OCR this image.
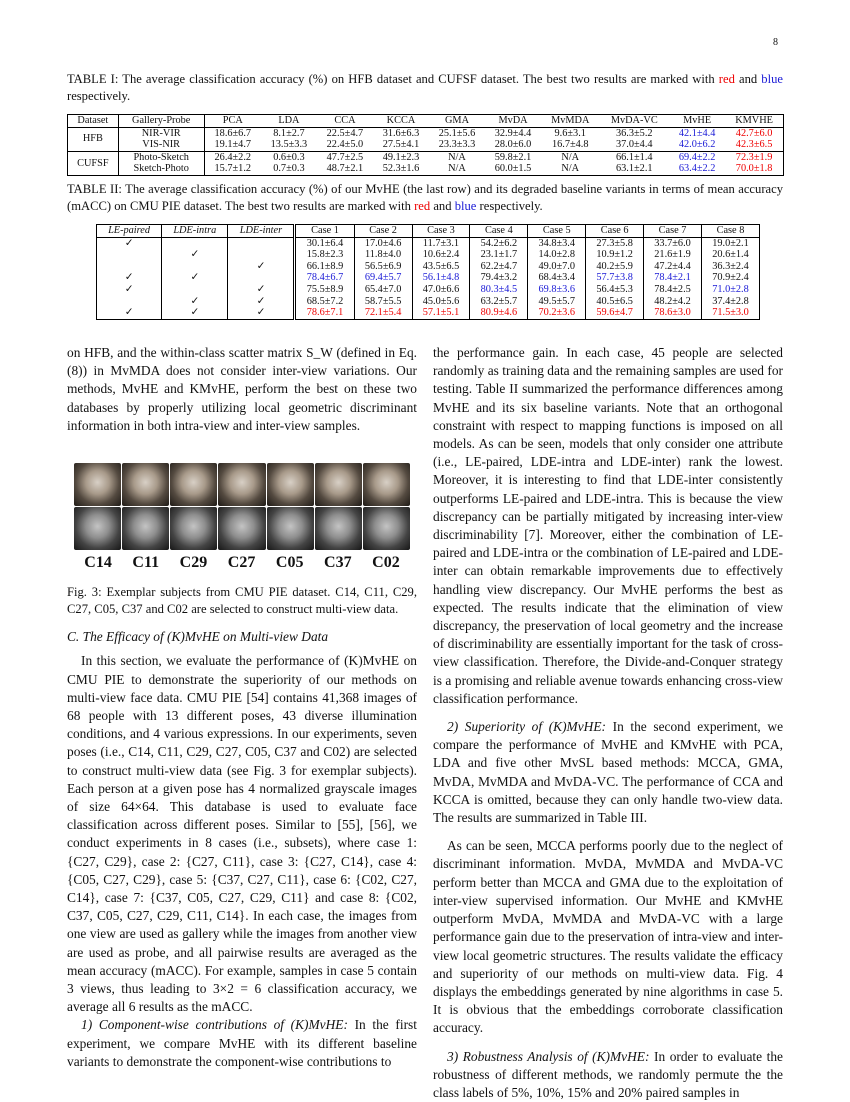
8
TABLE I: The average classification accuracy (%) on HFB dataset and CUFSF dataset. The best two results are marked with red and blue respectively.
Dataset	Gallery-Probe	PCA	LDA	CCA	KCCA	GMA	MvDA	MvMDA	MvDA-VC	MvHE	KMVHE
HFB	NIR-VIR	18.6±6.7	8.1±2.7	22.5±4.7	31.6±6.3	25.1±5.6	32.9±4.4	9.6±3.1	36.3±5.2	42.1±4.4	42.7±6.0
	VIS-NIR	19.1±4.7	13.5±3.3	22.4±5.0	27.5±4.1	23.3±3.3	28.0±6.0	16.7±4.8	37.0±4.4	42.0±6.2	42.3±6.5
CUFSF	Photo-Sketch	26.4±2.2	0.6±0.3	47.7±2.5	49.1±2.3	N/A	59.8±2.1	N/A	66.1±1.4	69.4±2.2	72.3±1.9
	Sketch-Photo	15.7±1.2	0.7±0.3	48.7±2.1	52.3±1.6	N/A	60.0±1.5	N/A	63.1±2.1	63.4±2.2	70.0±1.8
TABLE II: The average classification accuracy (%) of our MvHE (the last row) and its degraded baseline variants in terms of mean accuracy (mACC) on CMU PIE dataset. The best two results are marked with red and blue respectively.
LE-paired	LDE-intra	LDE-inter	Case 1	Case 2	Case 3	Case 4	Case 5	Case 6	Case 7	Case 8
✓			30.1±6.4	17.0±4.6	11.7±3.1	54.2±6.2	34.8±3.4	27.3±5.8	33.7±6.0	19.0±2.1
	✓		15.8±2.3	11.8±4.0	10.6±2.4	23.1±1.7	14.0±2.8	10.9±1.2	21.6±1.9	20.6±1.4
		✓	66.1±8.9	56.5±6.9	43.5±6.5	62.2±4.7	49.0±7.0	40.2±5.9	47.2±4.4	36.3±2.4
✓	✓		78.4±6.7	69.4±5.7	56.1±4.8	79.4±3.2	68.4±3.4	57.7±3.8	78.4±2.1	70.9±2.4
✓		✓	75.5±8.9	65.4±7.0	47.0±6.6	80.3±4.5	69.8±3.6	56.4±5.3	78.4±2.5	71.0±2.8
	✓	✓	68.5±7.2	58.7±5.5	45.0±5.6	63.2±5.7	49.5±5.7	40.5±6.5	48.2±4.2	37.4±2.8
✓	✓	✓	78.6±7.1	72.1±5.4	57.1±5.1	80.9±4.6	70.2±3.6	59.6±4.7	78.6±3.0	71.5±3.0

on HFB, and the within-class scatter matrix S_W (defined in Eq. (8)) in MvMDA does not consider inter-view variations. Our methods, MvHE and KMvHE, perform the best on these two databases by properly utilizing local geometric discriminant information in both intra-view and inter-view samples.

C14 C11 C29 C27 C05 C37 C02

Fig. 3: Exemplar subjects from CMU PIE dataset. C14, C11, C29, C27, C05, C37 and C02 are selected to construct multi-view data.

C. The Efficacy of (K)MvHE on Multi-view Data

In this section, we evaluate the performance of (K)MvHE on CMU PIE to demonstrate the superiority of our methods on multi-view face data. CMU PIE [54] contains 41,368 images of 68 people with 13 different poses, 43 diverse illumination conditions, and 4 various expressions. In our experiments, seven poses (i.e., C14, C11, C29, C27, C05, C37 and C02) are selected to construct multi-view data (see Fig. 3 for exemplar subjects). Each person at a given pose has 4 normalized grayscale images of size 64×64. This database is used to evaluate face classification across different poses. Similar to [55], [56], we conduct experiments in 8 cases (i.e., subsets), where case 1: {C27, C29}, case 2: {C27, C11}, case 3: {C27, C14}, case 4: {C05, C27, C29}, case 5: {C37, C27, C11}, case 6: {C02, C27, C14}, case 7: {C37, C05, C27, C29, C11} and case 8: {C02, C37, C05, C27, C29, C11, C14}. In each case, the images from one view are used as gallery while the images from another view are used as probe, and all pairwise results are averaged as the mean accuracy (mACC). For example, samples in case 5 contain 3 views, thus leading to 3×2 = 6 classification accuracy, we average all 6 results as the mACC.

1) Component-wise contributions of (K)MvHE: In the first experiment, we compare MvHE with its different baseline variants to demonstrate the component-wise contributions to

the performance gain. In each case, 45 people are selected randomly as training data and the remaining samples are used for testing. Table II summarized the performance differences among MvHE and its six baseline variants. Note that an orthogonal constraint with respect to mapping functions is imposed on all models. As can be seen, models that only consider one attribute (i.e., LE-paired, LDE-intra and LDE-inter) rank the lowest. Moreover, it is interesting to find that LDE-inter consistently outperforms LE-paired and LDE-intra. This is because the view discrepancy can be partially mitigated by increasing inter-view discriminability [7]. Moreover, either the combination of LE-paired and LDE-intra or the combination of LE-paired and LDE-inter can obtain remarkable improvements due to effectively handling view discrepancy. Our MvHE performs the best as expected. The results indicate that the elimination of view discrepancy, the preservation of local geometry and the increase of discriminability are essentially important for the task of cross-view classification. Therefore, the Divide-and-Conquer strategy is a promising and reliable avenue towards enhancing cross-view classification performance.

2) Superiority of (K)MvHE: In the second experiment, we compare the performance of MvHE and KMvHE with PCA, LDA and five other MvSL based methods: MCCA, GMA, MvDA, MvMDA and MvDA-VC. The performance of CCA and KCCA is omitted, because they can only handle two-view data. The results are summarized in Table III.

As can be seen, MCCA performs poorly due to the neglect of discriminant information. MvDA, MvMDA and MvDA-VC perform better than MCCA and GMA due to the exploitation of inter-view supervised information. Our MvHE and KMvHE outperform MvDA, MvMDA and MvDA-VC with a large performance gain due to the preservation of intra-view and inter-view local geometric structures. The results validate the efficacy and superiority of our methods on multi-view data. Fig. 4 displays the embeddings generated by nine algorithms in case 5. It is obvious that the embeddings corroborate classification accuracy.

3) Robustness Analysis of (K)MvHE: In order to evaluate the robustness of different methods, we randomly permute the the class labels of 5%, 10%, 15% and 20% paired samples in
